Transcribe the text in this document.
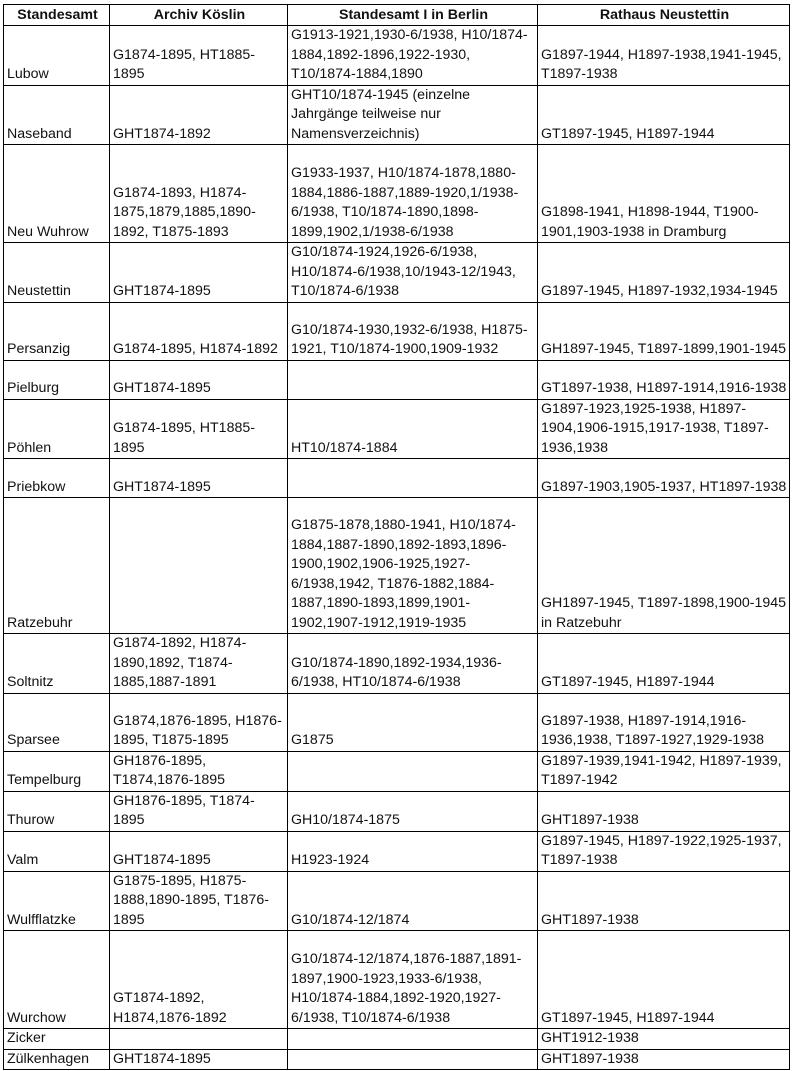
Standesamt	Archiv Köslin	Standesamt I in Berlin	Rathaus Neustettin
Lubow	G1874-1895, HT1885-1895	G1913-1921,1930-6/1938, H10/1874-1884,1892-1896,1922-1930, T10/1874-1884,1890	G1897-1944, H1897-1938,1941-1945, T1897-1938
Naseband	GHT1874-1892	GHT10/1874-1945 (einzelne Jahrgänge teilweise nur Namensverzeichnis)	GT1897-1945, H1897-1944
Neu Wuhrow	G1874-1893, H1874-1875,1879,1885,1890-1892, T1875-1893	G1933-1937, H10/1874-1878,1880-1884,1886-1887,1889-1920,1/1938-6/1938, T10/1874-1890,1898-1899,1902,1/1938-6/1938	G1898-1941, H1898-1944, T1900-1901,1903-1938 in Dramburg
Neustettin	GHT1874-1895	G10/1874-1924,1926-6/1938, H10/1874-6/1938,10/1943-12/1943, T10/1874-6/1938	G1897-1945, H1897-1932,1934-1945
Persanzig	G1874-1895, H1874-1892	G10/1874-1930,1932-6/1938, H1875-1921, T10/1874-1900,1909-1932	GH1897-1945, T1897-1899,1901-1945
Pielburg	GHT1874-1895		GT1897-1938, H1897-1914,1916-1938
Pöhlen	G1874-1895, HT1885-1895	HT10/1874-1884	G1897-1923,1925-1938, H1897-1904,1906-1915,1917-1938, T1897-1936,1938
Priebkow	GHT1874-1895		G1897-1903,1905-1937, HT1897-1938
Ratzebuhr		G1875-1878,1880-1941, H10/1874-1884,1887-1890,1892-1893,1896-1900,1902,1906-1925,1927-6/1938,1942, T1876-1882,1884-1887,1890-1893,1899,1901-1902,1907-1912,1919-1935	GH1897-1945, T1897-1898,1900-1945 in Ratzebuhr
Soltnitz	G1874-1892, H1874-1890,1892, T1874-1885,1887-1891	G10/1874-1890,1892-1934,1936-6/1938, HT10/1874-6/1938	GT1897-1945, H1897-1944
Sparsee	G1874,1876-1895, H1876-1895, T1875-1895	G1875	G1897-1938, H1897-1914,1916-1936,1938, T1897-1927,1929-1938
Tempelburg	GH1876-1895, T1874,1876-1895		G1897-1939,1941-1942, H1897-1939, T1897-1942
Thurow	GH1876-1895, T1874-1895	GH10/1874-1875	GHT1897-1938
Valm	GHT1874-1895	H1923-1924	G1897-1945, H1897-1922,1925-1937, T1897-1938
Wulfflatzke	G1875-1895, H1875-1888,1890-1895, T1876-1895	G10/1874-12/1874	GHT1897-1938
Wurchow	GT1874-1892, H1874,1876-1892	G10/1874-12/1874,1876-1887,1891-1897,1900-1923,1933-6/1938, H10/1874-1884,1892-1920,1927-6/1938, T10/1874-6/1938	GT1897-1945, H1897-1944
Zicker			GHT1912-1938
Zülkenhagen	GHT1874-1895		GHT1897-1938
